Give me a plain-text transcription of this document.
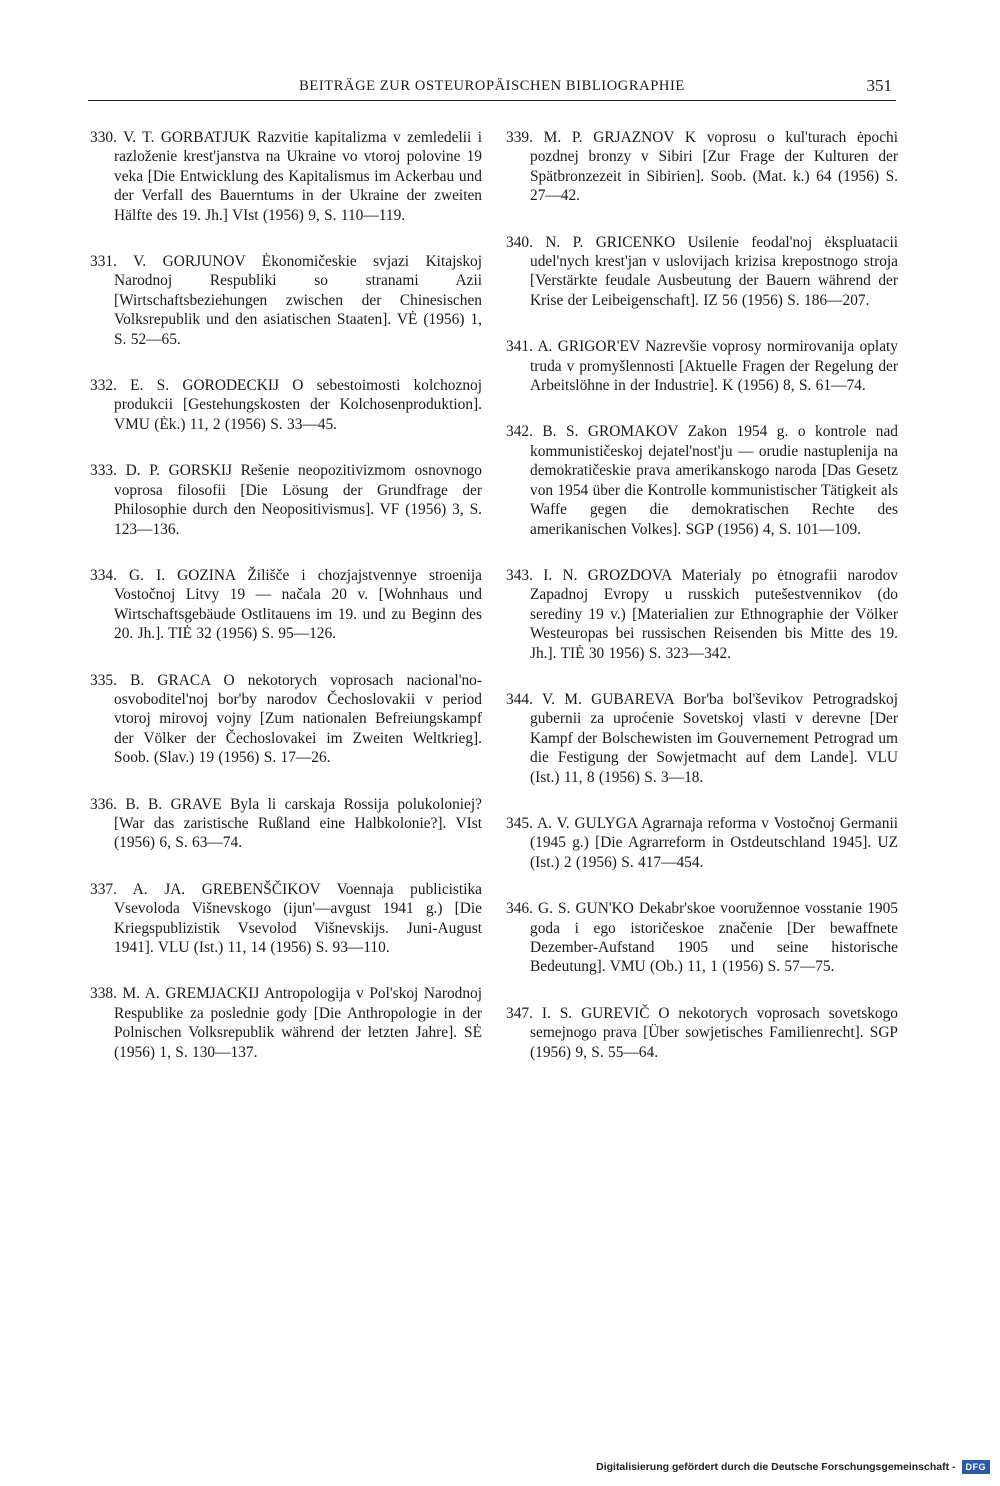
BEITRÄGE ZUR OSTEUROPÄISCHEN BIBLIOGRAPHIE	351

330. V. T. GORBATJUK Razvitie kapitalizma v zemledelii i razloženie krest'janstva na Ukraine vo vtoroj polovine 19 veka [Die Entwicklung des Kapitalismus im Ackerbau und der Verfall des Bauerntums in der Ukraine der zweiten Hälfte des 19. Jh.] VIst (1956) 9, S. 110—119.

331. V. GORJUNOV Ėkonomičeskie svjazi Kitajskoj Narodnoj Respubliki so stranami Azii [Wirtschaftsbeziehungen zwischen der Chinesischen Volksrepublik und den asiatischen Staaten]. VĖ (1956) 1, S. 52—65.

332. E. S. GORODECKIJ O sebestoimosti kolchoznoj produkcii [Gestehungskosten der Kolchosenproduktion]. VMU (Ėk.) 11, 2 (1956) S. 33—45.

333. D. P. GORSKIJ Rešenie neopozitivizmom osnovnogo voprosa filosofii [Die Lösung der Grundfrage der Philosophie durch den Neopositivismus]. VF (1956) 3, S. 123—136.

334. G. I. GOZINA Žilišče i chozjajstvennye stroenija Vostočnoj Litvy 19 — načala 20 v. [Wohnhaus und Wirtschaftsgebäude Ostlitauens im 19. und zu Beginn des 20. Jh.]. TIĖ 32 (1956) S. 95—126.

335. B. GRACA O nekotorych voprosach nacional'no-osvoboditel'noj bor'by narodov Čechoslovakii v period vtoroj mirovoj vojny [Zum nationalen Befreiungskampf der Völker der Čechoslovakei im Zweiten Weltkrieg]. Soob. (Slav.) 19 (1956) S. 17—26.

336. B. B. GRAVE Byla li carskaja Rossija polukoloniej? [War das zaristische Rußland eine Halbkolonie?]. VIst (1956) 6, S. 63—74.

337. A. JA. GREBENŠČIKOV Voennaja publicistika Vsevoloda Višnevskogo (ijun'—avgust 1941 g.) [Die Kriegspublizistik Vsevolod Višnevskijs. Juni-August 1941]. VLU (Ist.) 11, 14 (1956) S. 93—110.

338. M. A. GREMJACKIJ Antropologija v Pol'skoj Narodnoj Respublike za poslednie gody [Die Anthropologie in der Polnischen Volksrepublik während der letzten Jahre]. SĖ (1956) 1, S. 130—137.

339. M. P. GRJAZNOV K voprosu o kul'turach ėpochi pozdnej bronzy v Sibiri [Zur Frage der Kulturen der Spätbronzezeit in Sibirien]. Soob. (Mat. k.) 64 (1956) S. 27—42.

340. N. P. GRICENKO Usilenie feodal'noj ėkspluatacii udel'nych krest'jan v uslovijach krizisa krepostnogo stroja [Verstärkte feudale Ausbeutung der Bauern während der Krise der Leibeigenschaft]. IZ 56 (1956) S. 186—207.

341. A. GRIGOR'EV Nazrevšie voprosy normirovanija oplaty truda v promyšlennosti [Aktuelle Fragen der Regelung der Arbeitslöhne in der Industrie]. K (1956) 8, S. 61—74.

342. B. S. GROMAKOV Zakon 1954 g. o kontrole nad kommunističeskoj dejatel'nost'ju — orudie nastuplenija na demokratičeskie prava amerikanskogo naroda [Das Gesetz von 1954 über die Kontrolle kommunistischer Tätigkeit als Waffe gegen die demokratischen Rechte des amerikanischen Volkes]. SGP (1956) 4, S. 101—109.

343. I. N. GROZDOVA Materialy po ėtnografii narodov Zapadnoj Evropy u russkich putešestvennikov (do serediny 19 v.) [Materialien zur Ethnographie der Völker Westeuropas bei russischen Reisenden bis Mitte des 19. Jh.]. TIĖ 30 1956) S. 323—342.

344. V. M. GUBAREVA Bor'ba bol'ševikov Petrogradskoj gubernii za uproćenie Sovetskoj vlasti v derevne [Der Kampf der Bolschewisten im Gouvernement Petrograd um die Festigung der Sowjetmacht auf dem Lande]. VLU (Ist.) 11, 8 (1956) S. 3—18.

345. A. V. GULYGA Agrarnaja reforma v Vostočnoj Germanii (1945 g.) [Die Agrarreform in Ostdeutschland 1945]. UZ (Ist.) 2 (1956) S. 417—454.

346. G. S. GUN'KO Dekabr'skoe vooružennoe vosstanie 1905 goda i ego istoričeskoe značenie [Der bewaffnete Dezember-Aufstand 1905 und seine historische Bedeutung]. VMU (Ob.) 11, 1 (1956) S. 57—75.

347. I. S. GUREVIČ O nekotorych voprosach sovetskogo semejnogo prava [Über sowjetisches Familienrecht]. SGP (1956) 9, S. 55—64.

Digitalisierung gefördert durch die Deutsche Forschungsgemeinschaft -	DFG
